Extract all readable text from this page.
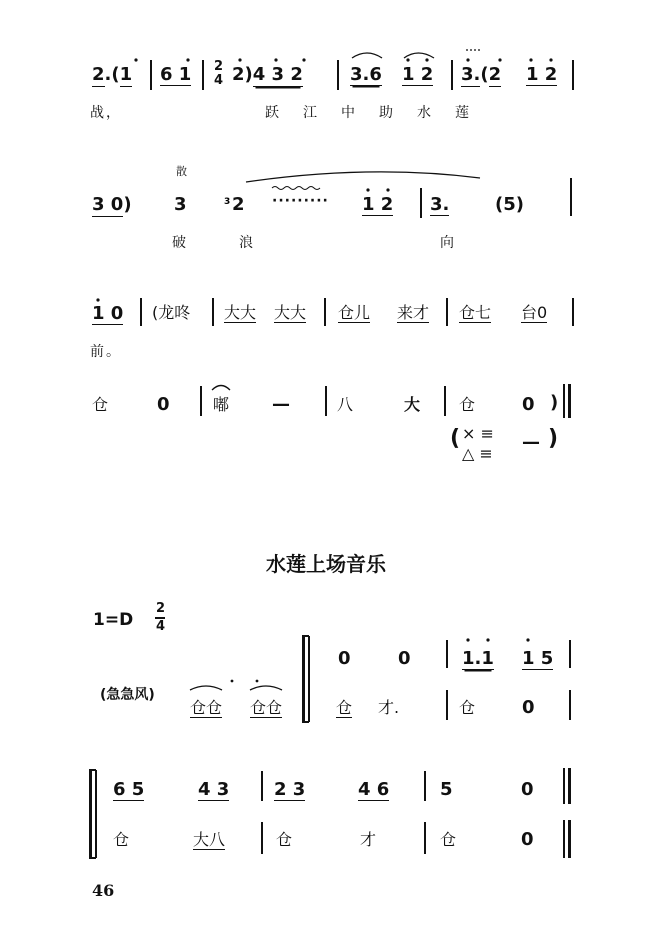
2.(1 6 1 2
4 2)4 3 2	3.6 1 2 3.(2 1 2
战，	跃江中助水莲
散
3 0) 3	2 ········· 1 2 3.	(5)
破	浪	向
1 0 (龙咚 大大 大大 仓儿 来才 仓七 台0
前。
仓	0	嘟 —	八	大 仓	0 )
( × ≡
△ ≡
— )
水莲上场音乐
1=D
2
4
(急急风)
仓仓 仓仓
0	0	1.1 1 5
仓 才.	仓	0
6 5	4 3 2 3	4 6	5	0
仓	大八	仓	才	仓	0
46
3
